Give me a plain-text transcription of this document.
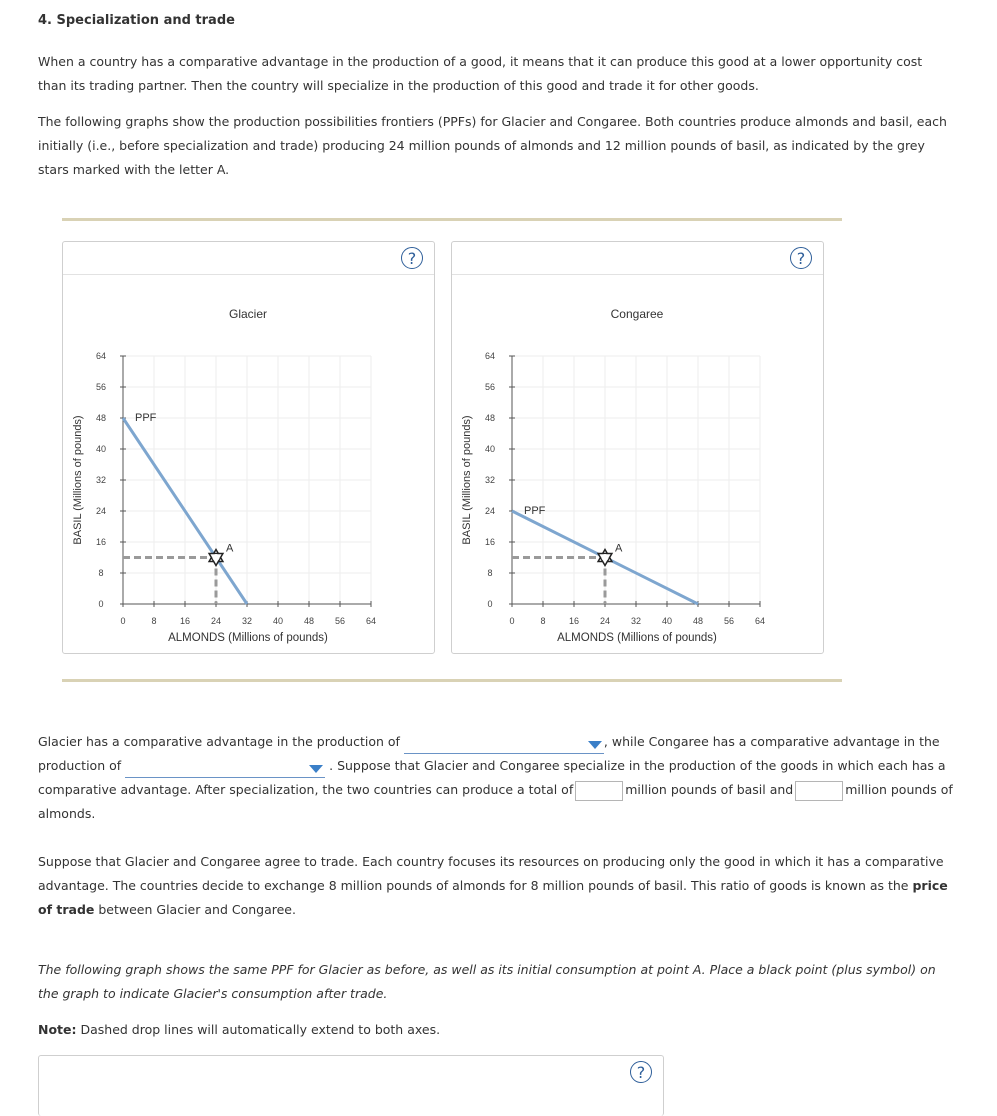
4. Specialization and trade
When a country has a comparative advantage in the production of a good, it means that it can produce this good at a lower opportunity cost than its trading partner. Then the country will specialize in the production of this good and trade it for other goods.
The following graphs show the production possibilities frontiers (PPFs) for Glacier and Congaree. Both countries produce almonds and basil, each initially (i.e., before specialization and trade) producing 24 million pounds of almonds and 12 million pounds of basil, as indicated by the grey stars marked with the letter A.
?
Glacier
0	8	16 24 32 40 48 56 64
0
8
16
24
32
40
48
56
64
ALMONDS (Millions of pounds)
BASIL (Millions of pounds)	PPF
A
?
Congaree
0	8	16 24 32 40 48 56 64
0
8
16
24
32
40
48
56
64
ALMONDS (Millions of pounds)
BASIL (Millions of pounds)	PPF
A
Glacier has a comparative advantage in the production of	, while Congaree has a comparative advantage in the production of	. Suppose that Glacier and Congaree specialize in the production of the goods in which each has a comparative advantage. After specialization, the two countries can produce a total of	million pounds of basil and	million pounds of almonds.
Suppose that Glacier and Congaree agree to trade. Each country focuses its resources on producing only the good in which it has a comparative advantage. The countries decide to exchange 8 million pounds of almonds for 8 million pounds of basil. This ratio of goods is known as the price of trade between Glacier and Congaree.
The following graph shows the same PPF for Glacier as before, as well as its initial consumption at point A. Place a black point (plus symbol) on the graph to indicate Glacier's consumption after trade.
Note: Dashed drop lines will automatically extend to both axes.
?
